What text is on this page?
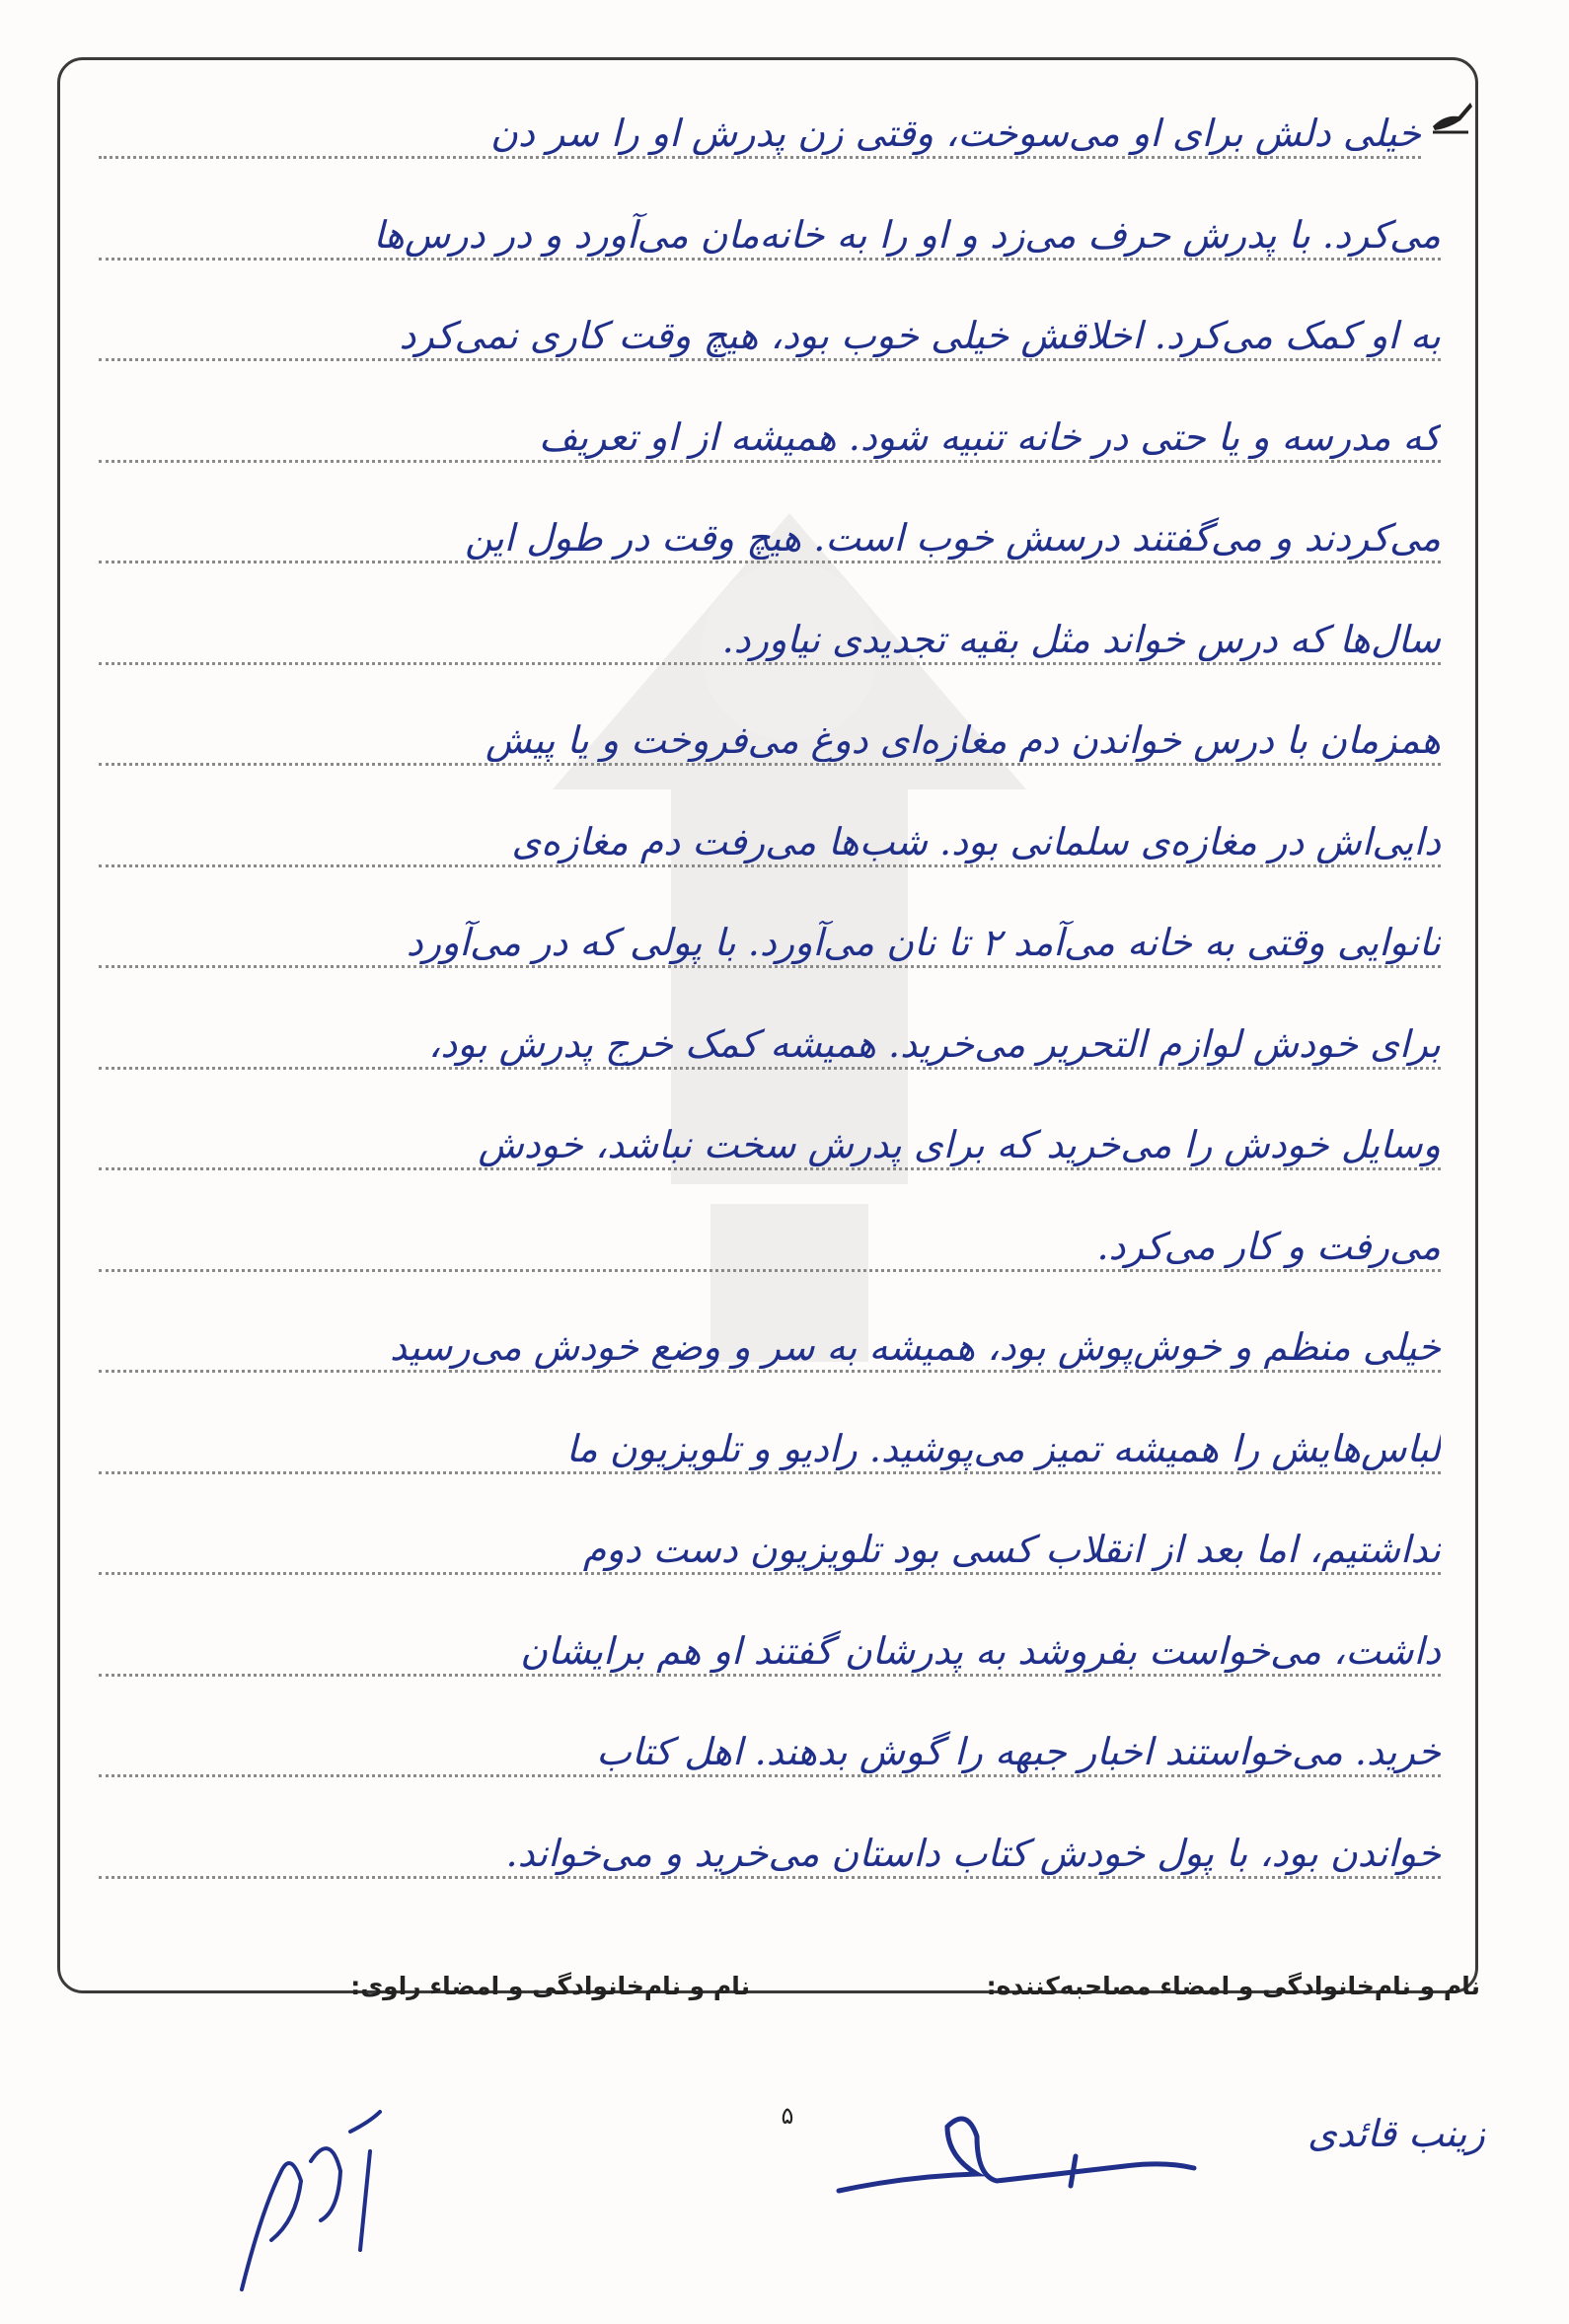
خیلی دلش برای او می‌سوخت، وقتی زن پدرش او را سر دن
می‌کرد. با پدرش حرف می‌زد و او را به خانه‌مان می‌آورد و در درس‌ها
به او کمک می‌کرد. اخلاقش خیلی خوب بود، هیچ وقت کاری نمی‌کرد
که مدرسه و یا حتی در خانه تنبیه شود. همیشه از او تعریف
می‌کردند و می‌گفتند درسش خوب است. هیچ وقت در طول این
سال‌ها که درس خواند مثل بقیه تجدیدی نیاورد.
همزمان با درس خواندن دم مغازه‌ای دوغ می‌فروخت و یا پیش
دایی‌اش در مغازه‌ی سلمانی بود. شب‌ها می‌رفت دم مغازه‌ی
نانوایی وقتی به خانه می‌آمد ۲ تا نان می‌آورد. با پولی که در می‌آورد
برای خودش لوازم التحریر می‌خرید. همیشه کمک خرج پدرش بود،
وسایل خودش را می‌خرید که برای پدرش سخت نباشد، خودش
می‌رفت و کار می‌کرد.
خیلی منظم و خوش‌پوش بود، همیشه به سر و وضع خودش می‌رسید
لباس‌هایش را همیشه تمیز می‌پوشید. رادیو و تلویزیون ما
نداشتیم، اما بعد از انقلاب کسی بود تلویزیون دست دوم
داشت، می‌خواست بفروشد به پدرشان گفتند او هم برایشان
خرید. می‌خواستند اخبار جبهه را گوش بدهند. اهل کتاب
خواندن بود، با پول خودش کتاب داستان می‌خرید و می‌خواند.
نام و نام‌خانوادگی و امضاء مصاحبه‌کننده:
نام و نام‌خانوادگی و امضاء راوی:
۵	زینب قائدی
